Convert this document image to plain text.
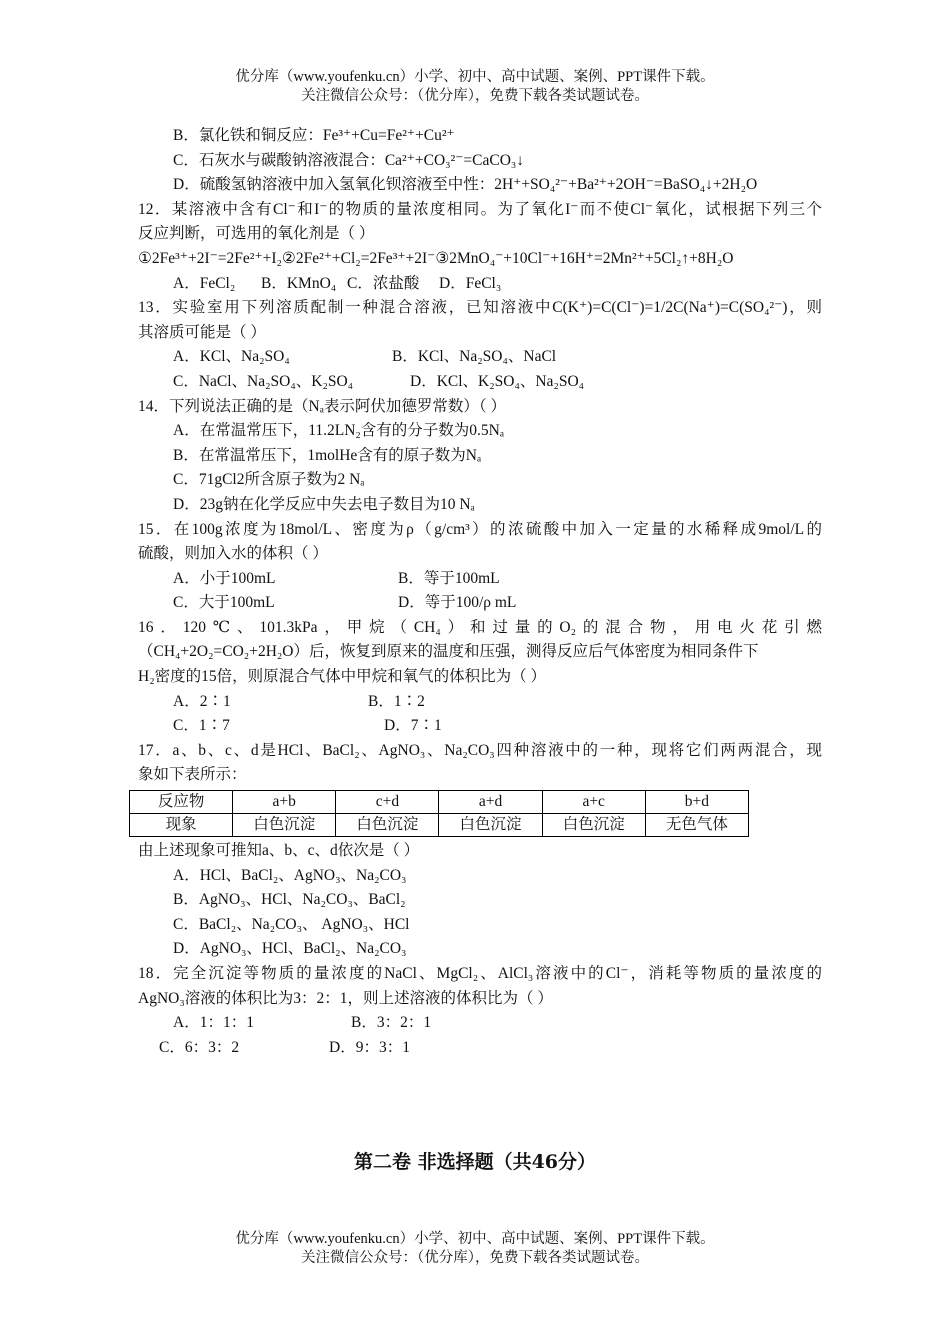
优分库（www.youfenku.cn）小学、初中、高中试题、案例、PPT课件下载。
关注微信公众号：（优分库），免费下载各类试题试卷。
B．氯化铁和铜反应：Fe³⁺+Cu=Fe²⁺+Cu²⁺
C．石灰水与碳酸钠溶液混合：Ca²⁺+CO₃²⁻=CaCO₃↓
D．硫酸氢钠溶液中加入氢氧化钡溶液至中性：2H⁺+SO₄²⁻+Ba²⁺+2OH⁻=BaSO₄↓+2H₂O
12．某溶液中含有Cl⁻和I⁻的物质的量浓度相同。为了氧化I⁻而不使Cl⁻氧化，试根据下列三个
反应判断，可选用的氧化剂是（ ）
①2Fe³⁺+2I⁻=2Fe²⁺+I₂②2Fe²⁺+Cl₂=2Fe³⁺+2I⁻③2MnO₄⁻+10Cl⁻+16H⁺=2Mn²⁺+5Cl₂↑+8H₂O
A．FeCl₂	B．KMnO₄ C．浓盐酸	D．FeCl₃
13．实验室用下列溶质配制一种混合溶液，已知溶液中C(K⁺)=C(Cl⁻)=1/2C(Na⁺)=C(SO₄²⁻)，则
其溶质可能是（ ）
A．KCl、Na₂SO₄	B．KCl、Na₂SO₄、NaCl
C．NaCl、Na₂SO₄、K₂SO₄	D．KCl、K₂SO₄、Na₂SO₄
14．下列说法正确的是（Nₐ表示阿伏加德罗常数）（ ）
A．在常温常压下，11.2LN₂含有的分子数为0.5Nₐ
B．在常温常压下，1molHe含有的原子数为Nₐ
C．71gCl2所含原子数为2 Nₐ
D．23g钠在化学反应中失去电子数目为10 Nₐ
15．在100g浓度为18mol/L、密度为ρ（g/cm³）的浓硫酸中加入一定量的水稀释成9mol/L的
硫酸，则加入水的体积（ ）
A．小于100mL	B．等于100mL
C．大于100mL	D．等于100/ρ mL
16．120℃、101.3kPa，甲烷（CH₄）和过量的O₂的混合物，用电火花引燃
（CH₄+2O₂=CO₂+2H₂O）后，恢复到原来的温度和压强，测得反应后气体密度为相同条件下
H₂密度的15倍，则原混合气体中甲烷和氧气的体积比为（ ）
A．2∶1	B．1∶2
C．1∶7	D．7∶1
17．a、b、c、d是HCl、BaCl₂、AgNO₃、Na₂CO₃四种溶液中的一种，现将它们两两混合，现
象如下表所示：
反应物	a+b	c+d	a+d	a+c	b+d
现象	白色沉淀	白色沉淀	白色沉淀	白色沉淀	无色气体
由上述现象可推知a、b、c、d依次是（ ）
A．HCl、BaCl₂、AgNO₃、Na₂CO₃
B．AgNO₃、HCl、Na₂CO₃、BaCl₂
C．BaCl₂、Na₂CO₃、 AgNO₃、HCl
D．AgNO₃、HCl、BaCl₂、Na₂CO₃
18．完全沉淀等物质的量浓度的NaCl、MgCl₂、AlCl₃溶液中的Cl⁻，消耗等物质的量浓度的
AgNO₃溶液的体积比为3：2：1，则上述溶液的体积比为（ ）
A．1：1：1	B．3：2：1
C．6：3：2	D．9：3：1
第二卷 非选择题（共46分）
优分库（www.youfenku.cn）小学、初中、高中试题、案例、PPT课件下载。
关注微信公众号：（优分库），免费下载各类试题试卷。
